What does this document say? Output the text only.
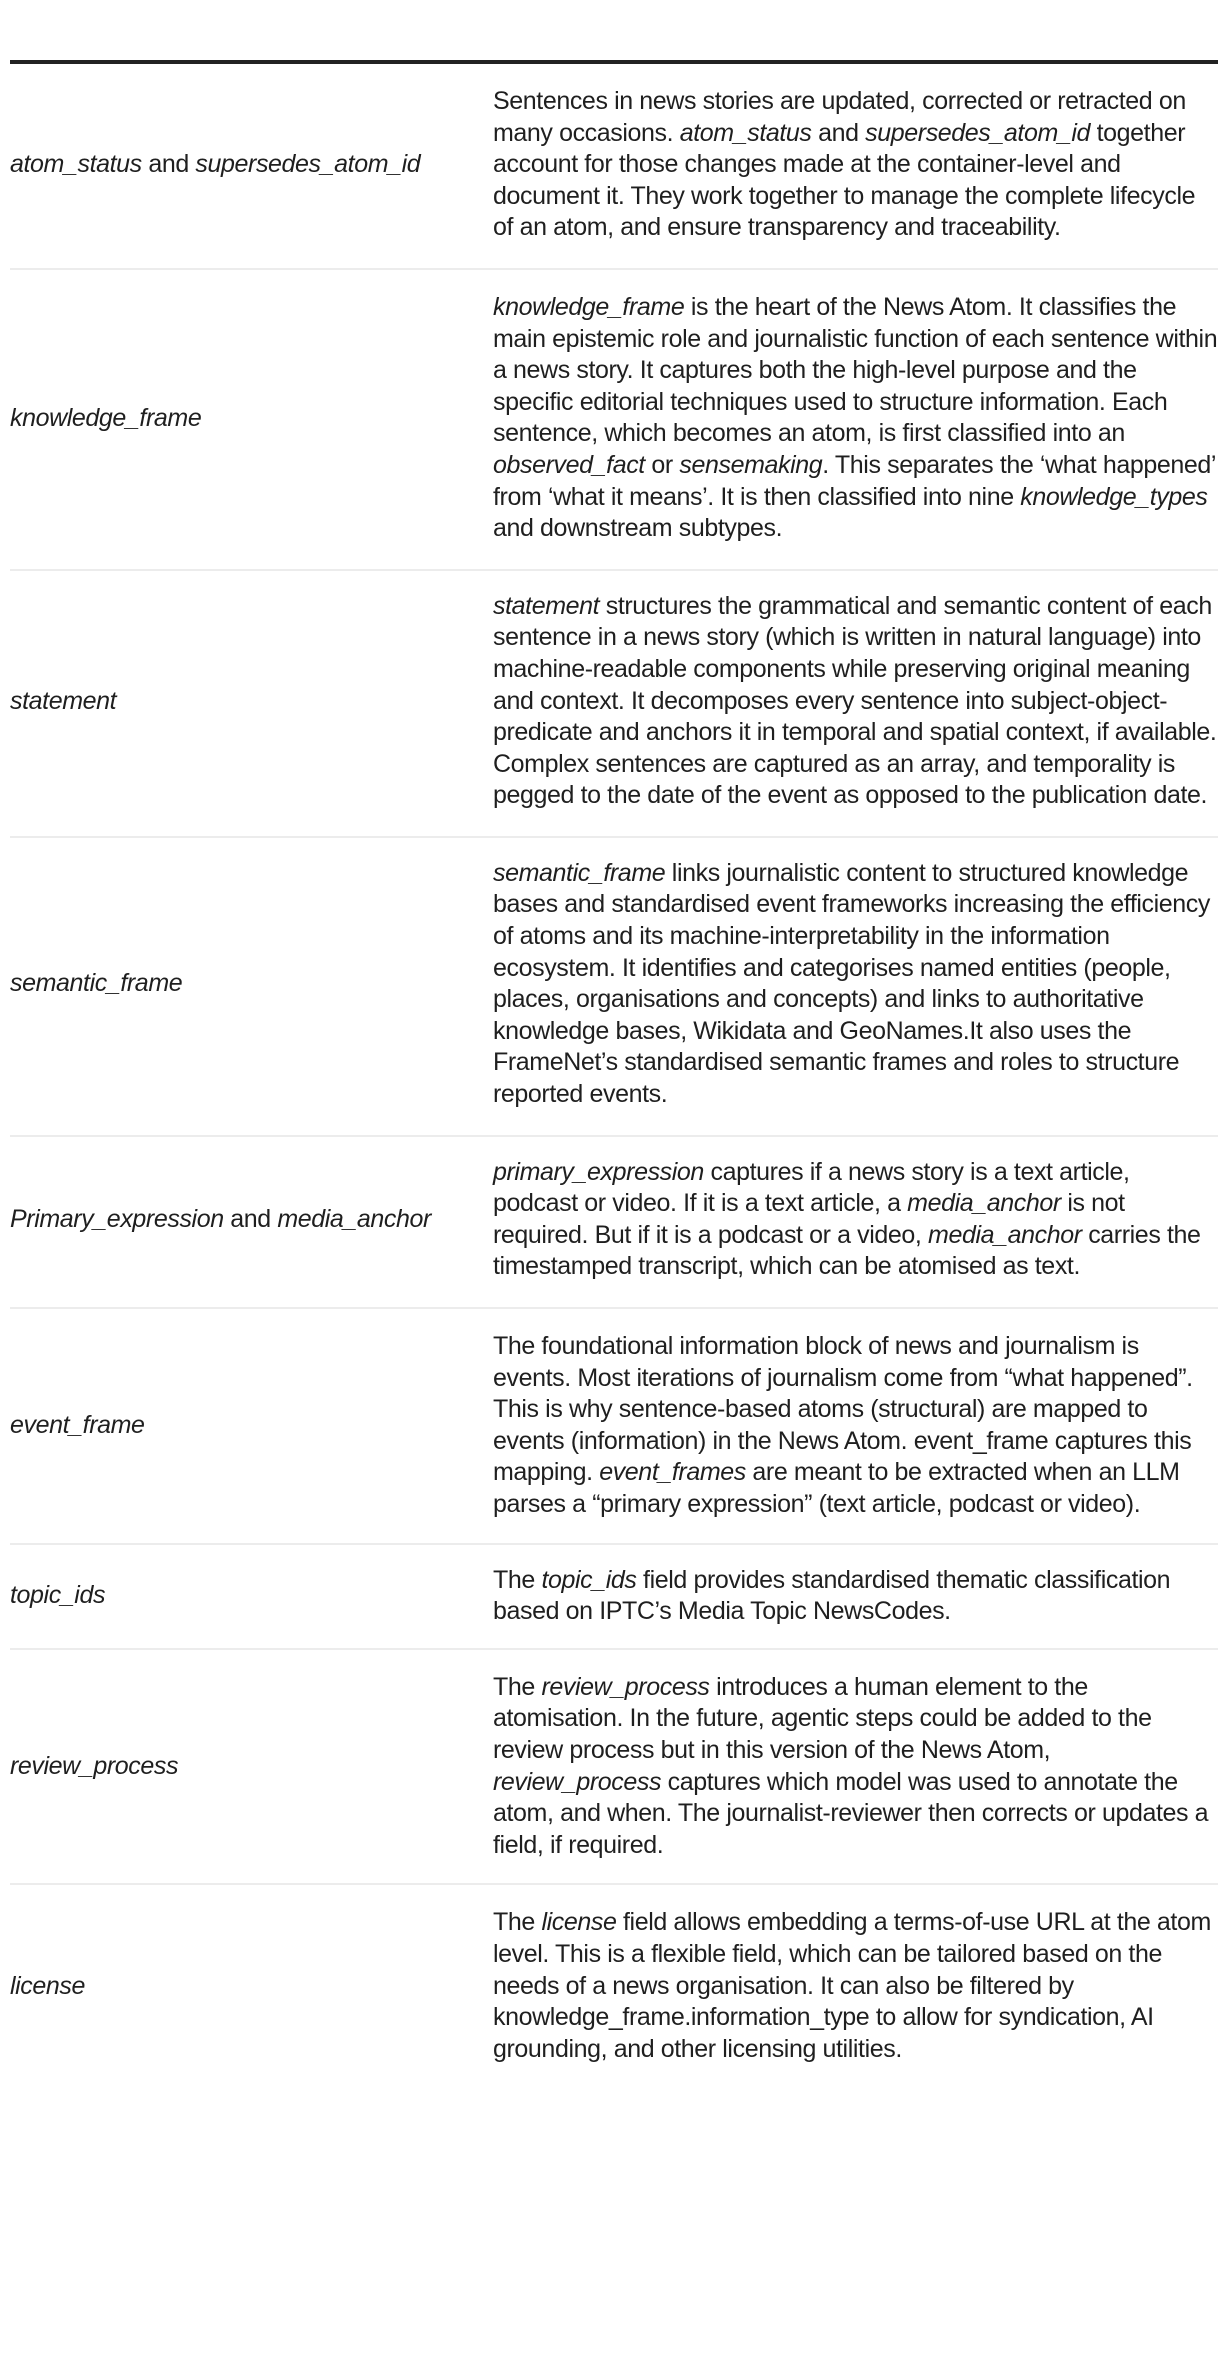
atom_status and supersedes_atom_id	
Sentences in news stories are updated, corrected or retracted on many occasions. atom_status and supersedes_atom_id together account for those changes made at the container-level and document it. They work together to manage the complete lifecycle of an atom, and ensure transparency and traceability.

knowledge_frame	
knowledge_frame is the heart of the News Atom. It classifies the main epistemic role and journalistic function of each sentence within a news story. It captures both the high-level purpose and the specific editorial techniques used to structure information. Each sentence, which becomes an atom, is first classified into an observed_fact or sensemaking. This separates the ‘what happened’ from ‘what it means’. It is then classified into nine knowledge_types and downstream subtypes.

statement	
statement structures the grammatical and semantic content of each sentence in a news story (which is written in natural language) into machine-readable components while preserving original meaning and context. It decomposes every sentence into subject-object-predicate and anchors it in temporal and spatial context, if available. Complex sentences are captured as an array, and temporality is pegged to the date of the event as opposed to the publication date.

semantic_frame	
semantic_frame links journalistic content to structured knowledge bases and standardised event frameworks increasing the efficiency of atoms and its machine-interpretability in the information ecosystem. It identifies and categorises named entities (people, places, organisations and concepts) and links to authoritative knowledge bases, Wikidata and GeoNames.It also uses the FrameNet’s standardised semantic frames and roles to structure reported events.

Primary_expression and media_anchor	
primary_expression captures if a news story is a text article, podcast or video. If it is a text article, a media_anchor is not required. But if it is a podcast or a video, media_anchor carries the timestamped transcript, which can be atomised as text.

event_frame	
The foundational information block of news and journalism is events. Most iterations of journalism come from “what happened”. This is why sentence-based atoms (structural) are mapped to events (information) in the News Atom. event_frame captures this mapping. event_frames are meant to be extracted when an LLM parses a “primary expression” (text article, podcast or video).

topic_ids	
The topic_ids field provides standardised thematic classification based on IPTC’s Media Topic NewsCodes.

review_process	
The review_process introduces a human element to the atomisation. In the future, agentic steps could be added to the review process but in this version of the News Atom, review_process captures which model was used to annotate the atom, and when. The journalist-reviewer then corrects or updates a field, if required.

license	
The license field allows embedding a terms-of-use URL at the atom level. This is a flexible field, which can be tailored based on the needs of a news organisation. It can also be filtered by knowledge_frame.information_type to allow for syndication, AI grounding, and other licensing utilities.
